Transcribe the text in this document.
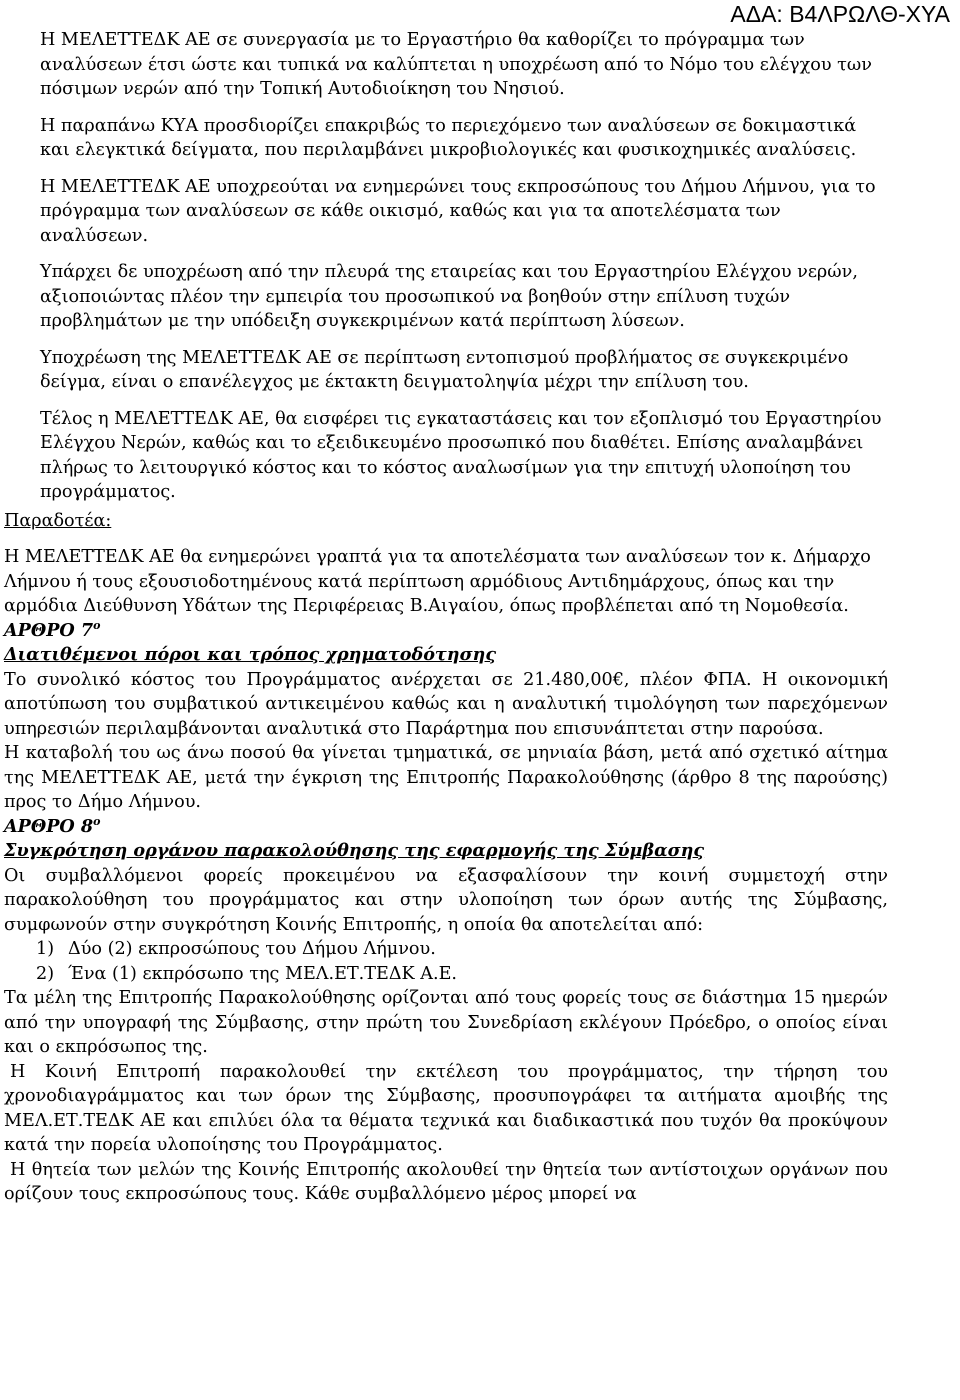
ΑΔΑ: Β4ΛΡΩΛΘ-ΧΥΑ

Η ΜΕΛΕΤΤΕΔΚ ΑΕ σε συνεργασία με το Εργαστήριο θα καθορίζει το πρόγραμμα των αναλύσεων έτσι ώστε και τυπικά να καλύπτεται η υποχρέωση από το Νόμο του ελέγχου των πόσιμων νερών από την Τοπική Αυτοδιοίκηση του Νησιού.

Η παραπάνω ΚΥΑ προσδιορίζει επακριβώς το περιεχόμενο των αναλύσεων σε δοκιμαστικά και ελεγκτικά δείγματα, που περιλαμβάνει μικροβιολογικές και φυσικοχημικές αναλύσεις.

Η ΜΕΛΕΤΤΕΔΚ ΑΕ υποχρεούται να ενημερώνει τους εκπροσώπους του Δήμου Λήμνου, για το πρόγραμμα των αναλύσεων σε κάθε οικισμό, καθώς και για τα αποτελέσματα των αναλύσεων.

Υπάρχει δε υποχρέωση από την πλευρά της εταιρείας και του Εργαστηρίου Ελέγχου νερών, αξιοποιώντας πλέον την εμπειρία του προσωπικού να βοηθούν στην επίλυση τυχών προβλημάτων με την υπόδειξη συγκεκριμένων κατά περίπτωση λύσεων.

Υποχρέωση της ΜΕΛΕΤΤΕΔΚ ΑΕ σε περίπτωση εντοπισμού προβλήματος σε συγκεκριμένο δείγμα, είναι ο επανέλεγχος με έκτακτη δειγματοληψία μέχρι την επίλυση του.

Τέλος η ΜΕΛΕΤΤΕΔΚ ΑΕ, θα εισφέρει τις εγκαταστάσεις και τον εξοπλισμό του Εργαστηρίου Ελέγχου Νερών, καθώς και το εξειδικευμένο προσωπικό που διαθέτει. Επίσης αναλαμβάνει πλήρως το λειτουργικό κόστος και το κόστος αναλωσίμων για την επιτυχή υλοποίηση του προγράμματος.

Παραδοτέα:

Η ΜΕΛΕΤΤΕΔΚ ΑΕ θα ενημερώνει γραπτά για τα αποτελέσματα των αναλύσεων τον κ. Δήμαρχο Λήμνου ή τους εξουσιοδοτημένους κατά περίπτωση αρμόδιους Αντιδημάρχους, όπως και την αρμόδια Διεύθυνση Υδάτων της Περιφέρειας Β.Αιγαίου, όπως προβλέπεται από τη Νομοθεσία.

ΑΡΘΡΟ $7^o$

Διατιθέμενοι πόροι και τρόπος χρηματοδότησης

Το συνολικό κόστος του Προγράμματος ανέρχεται σε 21.480,00€, πλέον ΦΠΑ. Η οικονομική αποτύπωση του συμβατικού αντικειμένου καθώς και η αναλυτική τιμολόγηση των παρεχόμενων υπηρεσιών περιλαμβάνονται αναλυτικά στο Παράρτημα που επισυνάπτεται στην παρούσα.

Η καταβολή του ως άνω ποσού θα γίνεται τμηματικά, σε μηνιαία βάση, μετά από σχετικό αίτημα της ΜΕΛΕΤΤΕΔΚ ΑΕ, μετά την έγκριση της Επιτροπής Παρακολούθησης (άρθρο 8 της παρούσης) προς το Δήμο Λήμνου.

ΑΡΘΡΟ $8^o$

Συγκρότηση οργάνου παρακολούθησης της εφαρμογής της Σύμβασης

Οι συμβαλλόμενοι φορείς προκειμένου να εξασφαλίσουν την κοινή συμμετοχή στην παρακολούθηση του προγράμματος και στην υλοποίηση των όρων αυτής της Σύμβασης, συμφωνούν στην συγκρότηση Κοινής Επιτροπής, η οποία θα αποτελείται από:

1) Δύο (2) εκπροσώπους του Δήμου Λήμνου.
2) Ένα (1) εκπρόσωπο της ΜΕΛ.ΕΤ.ΤΕΔΚ Α.Ε.

Τα μέλη της Επιτροπής Παρακολούθησης ορίζονται από τους φορείς τους σε διάστημα 15 ημερών από την υπογραφή της Σύμβασης, στην πρώτη του Συνεδρίαση εκλέγουν Πρόεδρο, ο οποίος είναι και ο εκπρόσωπος της.

Η Κοινή Επιτροπή παρακολουθεί την εκτέλεση του προγράμματος, την τήρηση του χρονοδιαγράμματος και των όρων της Σύμβασης, προσυπογράφει τα αιτήματα αμοιβής της ΜΕΛ.ΕΤ.ΤΕΔΚ ΑΕ και επιλύει όλα τα θέματα τεχνικά και διαδικαστικά που τυχόν θα προκύψουν κατά την πορεία υλοποίησης του Προγράμματος.

Η θητεία των μελών της Κοινής Επιτροπής ακολουθεί την θητεία των αντίστοιχων οργάνων που ορίζουν τους εκπροσώπους τους. Κάθε συμβαλλόμενο μέρος μπορεί να
